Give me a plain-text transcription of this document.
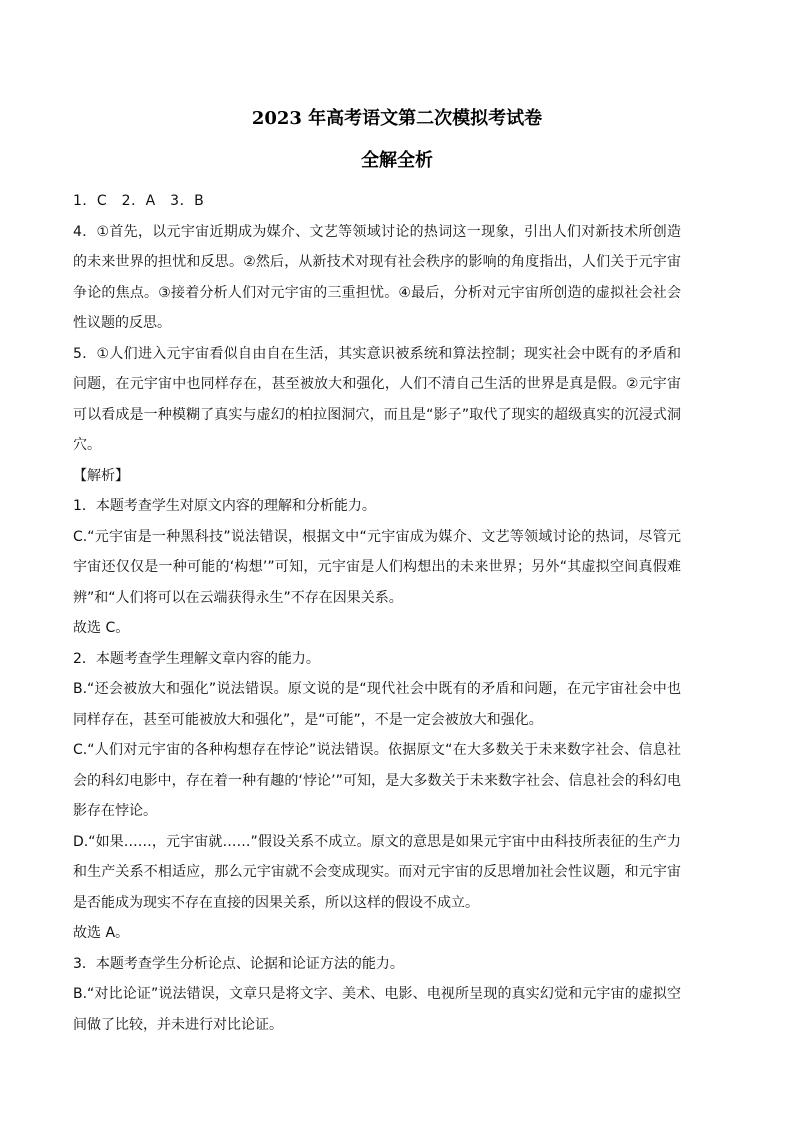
2023 年高考语文第二次模拟考试卷
全解全析

1．C　2．A　3．B

4．①首先，以元宇宙近期成为媒介、文艺等领域讨论的热词这一现象，引出人们对新技术所创造的未来世界的担忧和反思。②然后，从新技术对现有社会秩序的影响的角度指出，人们关于元宇宙争论的焦点。③接着分析人们对元宇宙的三重担忧。④最后，分析对元宇宙所创造的虚拟社会社会性议题的反思。

5．①人们进入元宇宙看似自由自在生活，其实意识被系统和算法控制；现实社会中既有的矛盾和问题，在元宇宙中也同样存在，甚至被放大和强化，人们不清自己生活的世界是真是假。②元宇宙可以看成是一种模糊了真实与虚幻的柏拉图洞穴，而且是“影子”取代了现实的超级真实的沉浸式洞穴。

【解析】

1．本题考查学生对原文内容的理解和分析能力。

C.“元宇宙是一种黑科技”说法错误，根据文中“元宇宙成为媒介、文艺等领域讨论的热词，尽管元宇宙还仅仅是一种可能的‘构想’”可知，元宇宙是人们构想出的未来世界；另外“其虚拟空间真假难辨”和“人们将可以在云端获得永生”不存在因果关系。

故选 C。

2．本题考查学生理解文章内容的能力。

B.“还会被放大和强化”说法错误。原文说的是“现代社会中既有的矛盾和问题，在元宇宙社会中也同样存在，甚至可能被放大和强化”，是“可能”，不是一定会被放大和强化。

C.“人们对元宇宙的各种构想存在悖论”说法错误。依据原文“在大多数关于未来数字社会、信息社会的科幻电影中，存在着一种有趣的‘悖论’”可知，是大多数关于未来数字社会、信息社会的科幻电影存在悖论。

D.“如果……，元宇宙就……”假设关系不成立。原文的意思是如果元宇宙中由科技所表征的生产力和生产关系不相适应，那么元宇宙就不会变成现实。而对元宇宙的反思增加社会性议题，和元宇宙是否能成为现实不存在直接的因果关系，所以这样的假设不成立。

故选 A。

3．本题考查学生分析论点、论据和论证方法的能力。

B.“对比论证”说法错误，文章只是将文字、美术、电影、电视所呈现的真实幻觉和元宇宙的虚拟空间做了比较，并未进行对比论证。
